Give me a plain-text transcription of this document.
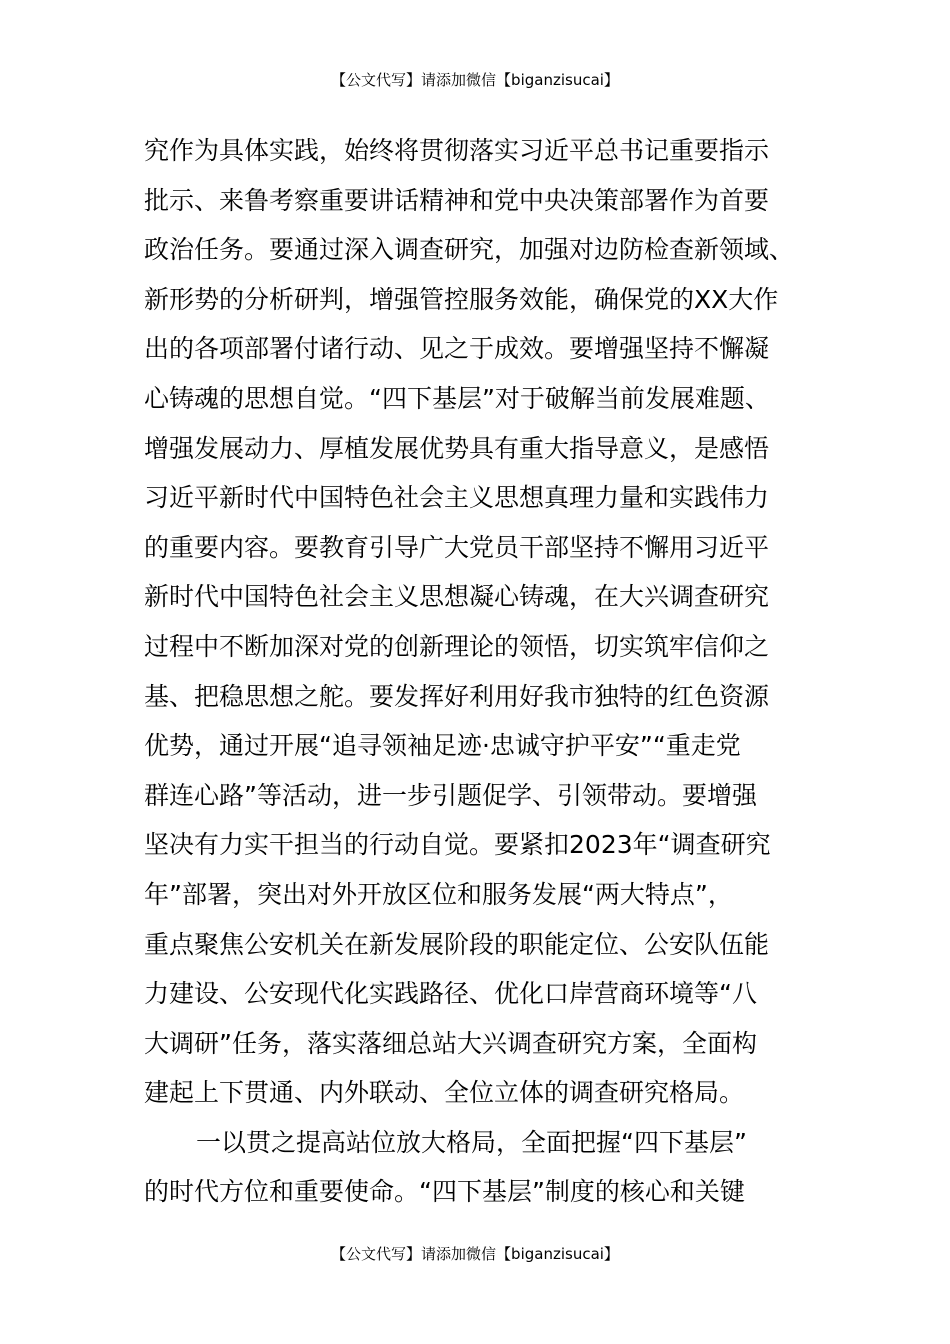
【公文代写】请添加微信【biganzisucai】
究作为具体实践，始终将贯彻落实习近平总书记重要指示
批示、来鲁考察重要讲话精神和党中央决策部署作为首要
政治任务。要通过深入调查研究，加强对边防检查新领域、
新形势的分析研判，增强管控服务效能，确保党的XX大作
出的各项部署付诸行动、见之于成效。要增强坚持不懈凝
心铸魂的思想自觉。“四下基层”对于破解当前发展难题、
增强发展动力、厚植发展优势具有重大指导意义，是感悟
习近平新时代中国特色社会主义思想真理力量和实践伟力
的重要内容。要教育引导广大党员干部坚持不懈用习近平
新时代中国特色社会主义思想凝心铸魂，在大兴调查研究
过程中不断加深对党的创新理论的领悟，切实筑牢信仰之
基、把稳思想之舵。要发挥好利用好我市独特的红色资源
优势，通过开展“追寻领袖足迹·忠诚守护平安”“重走党
群连心路”等活动，进一步引题促学、引领带动。要增强
坚决有力实干担当的行动自觉。要紧扣2023年“调查研究
年”部署，突出对外开放区位和服务发展“两大特点”，
重点聚焦公安机关在新发展阶段的职能定位、公安队伍能
力建设、公安现代化实践路径、优化口岸营商环境等“八
大调研”任务，落实落细总站大兴调查研究方案，全面构
建起上下贯通、内外联动、全位立体的调查研究格局。
一以贯之提高站位放大格局，全面把握“四下基层”
的时代方位和重要使命。“四下基层”制度的核心和关键
【公文代写】请添加微信【biganzisucai】
